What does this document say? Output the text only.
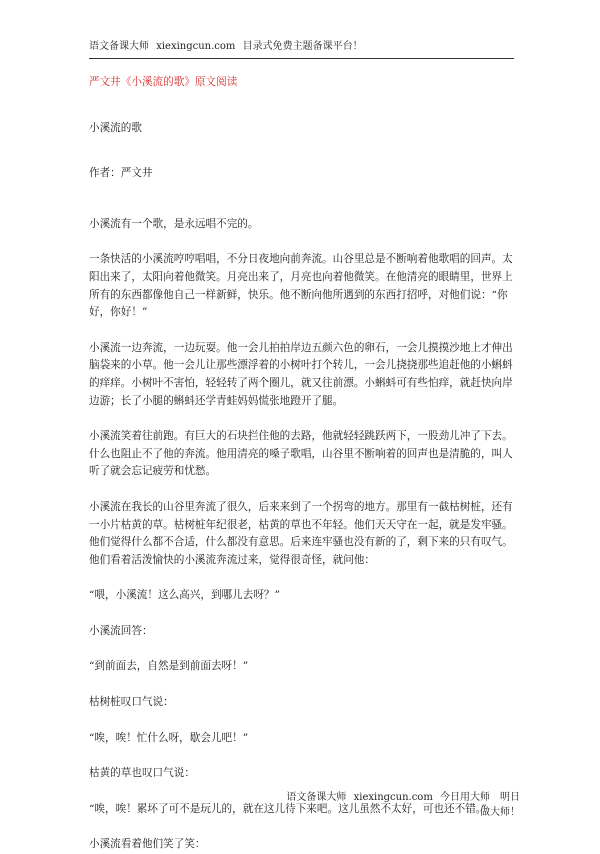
语文备课大师 xiexingcun.com 目录式免费主题备课平台！

严文井《小溪流的歌》原文阅读

小溪流的歌

作者：严文井

小溪流有一个歌，是永远唱不完的。

一条快活的小溪流哼哼唱唱，不分日夜地向前奔流。山谷里总是不断响着他歌唱的回声。太阳出来了，太阳向着他微笑。月亮出来了，月亮也向着他微笑。在他清亮的眼睛里，世界上所有的东西都像他自己一样新鲜，快乐。他不断向他所遇到的东西打招呼，对他们说：“你好，你好！”

小溪流一边奔流，一边玩耍。他一会儿拍拍岸边五颜六色的卵石，一会儿摸摸沙地上才伸出脑袋来的小草。他一会儿让那些漂浮着的小树叶打个转儿，一会儿挠挠那些追赶他的小蝌蚪的痒痒。小树叶不害怕，轻轻转了两个圈儿，就又往前漂。小蝌蚪可有些怕痒，就赶快向岸边游；长了小腿的蝌蚪还学青蛙妈妈慌张地蹬开了腿。

小溪流笑着往前跑。有巨大的石块拦住他的去路，他就轻轻跳跃两下，一股劲儿冲了下去。什么也阻止不了他的奔流。他用清亮的嗓子歌唱，山谷里不断响着的回声也是清脆的，叫人听了就会忘记疲劳和忧愁。

小溪流在我长的山谷里奔流了很久，后来来到了一个拐弯的地方。那里有一截枯树桩，还有一小片枯黄的草。枯树桩年纪很老，枯黄的草也不年轻。他们天天守在一起，就是发牢骚。他们觉得什么都不合适，什么都没有意思。后来连牢骚也没有新的了，剩下来的只有叹气。他们看着活泼愉快的小溪流奔流过来，觉得很奇怪，就问他：

“喂，小溪流！这么高兴，到哪儿去呀？”

小溪流回答：

“到前面去，自然是到前面去呀！”

枯树桩叹口气说：

“唉，唉！忙什么呀，歇会儿吧！”

枯黄的草也叹口气说：

“唉，唉！累坏了可不是玩儿的，就在这儿待下来吧。这儿虽然不太好，可也还不错。”

小溪流看着他们笑了笑：

语文备课大师 xiexingcun.com 今日用大师　明日做大师！
